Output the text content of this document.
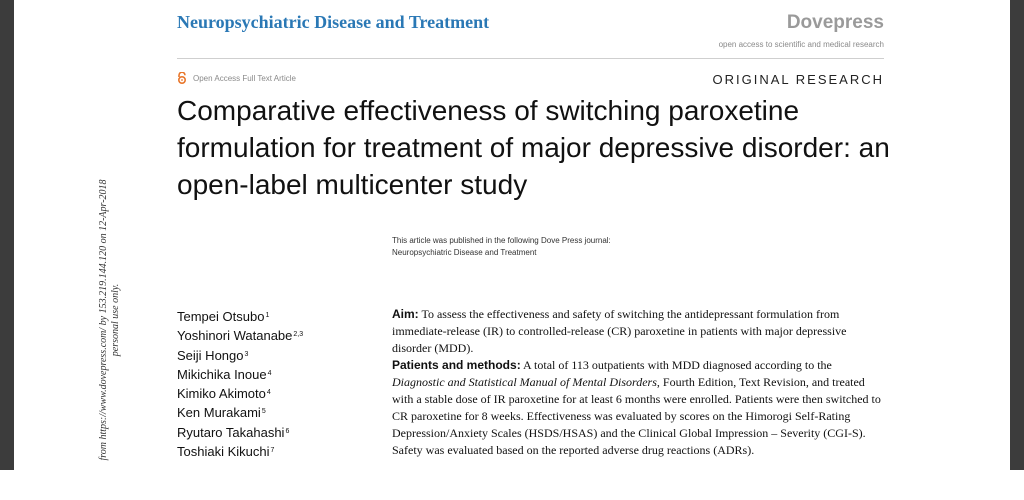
Neuropsychiatric Disease and Treatment	Dovepress
open access to scientific and medical research
Open Access Full Text Article	ORIGINAL RESEARCH
Comparative effectiveness of switching paroxetine formulation for treatment of major depressive disorder: an open-label multicenter study
This article was published in the following Dove Press journal:
Neuropsychiatric Disease and Treatment
from https://www.dovepress.com/ by 153.219.144.120 on 12-Apr-2018 personal use only.	Tempei Otsubo$^1$
Yoshinori Watanabe$^{2,3}$
Seiji Hongo$^3$
Mikichika Inoue$^4$
Kimiko Akimoto$^4$
Ken Murakami$^5$
Ryutaro Takahashi$^6$
Toshiaki Kikuchi$^7$

Aim: To assess the effectiveness and safety of switching the antidepressant formulation from immediate-release (IR) to controlled-release (CR) paroxetine in patients with major depressive disorder (MDD).

Patients and methods: A total of 113 outpatients with MDD diagnosed according to the Diagnostic and Statistical Manual of Mental Disorders, Fourth Edition, Text Revision, and treated with a stable dose of IR paroxetine for at least 6 months were enrolled. Patients were then switched to CR paroxetine for 8 weeks. Effectiveness was evaluated by scores on the Himorogi Self-Rating Depression/Anxiety Scales (HSDS/HSAS) and the Clinical Global Impression – Severity (CGI-S). Safety was evaluated based on the reported adverse drug reactions (ADRs).
